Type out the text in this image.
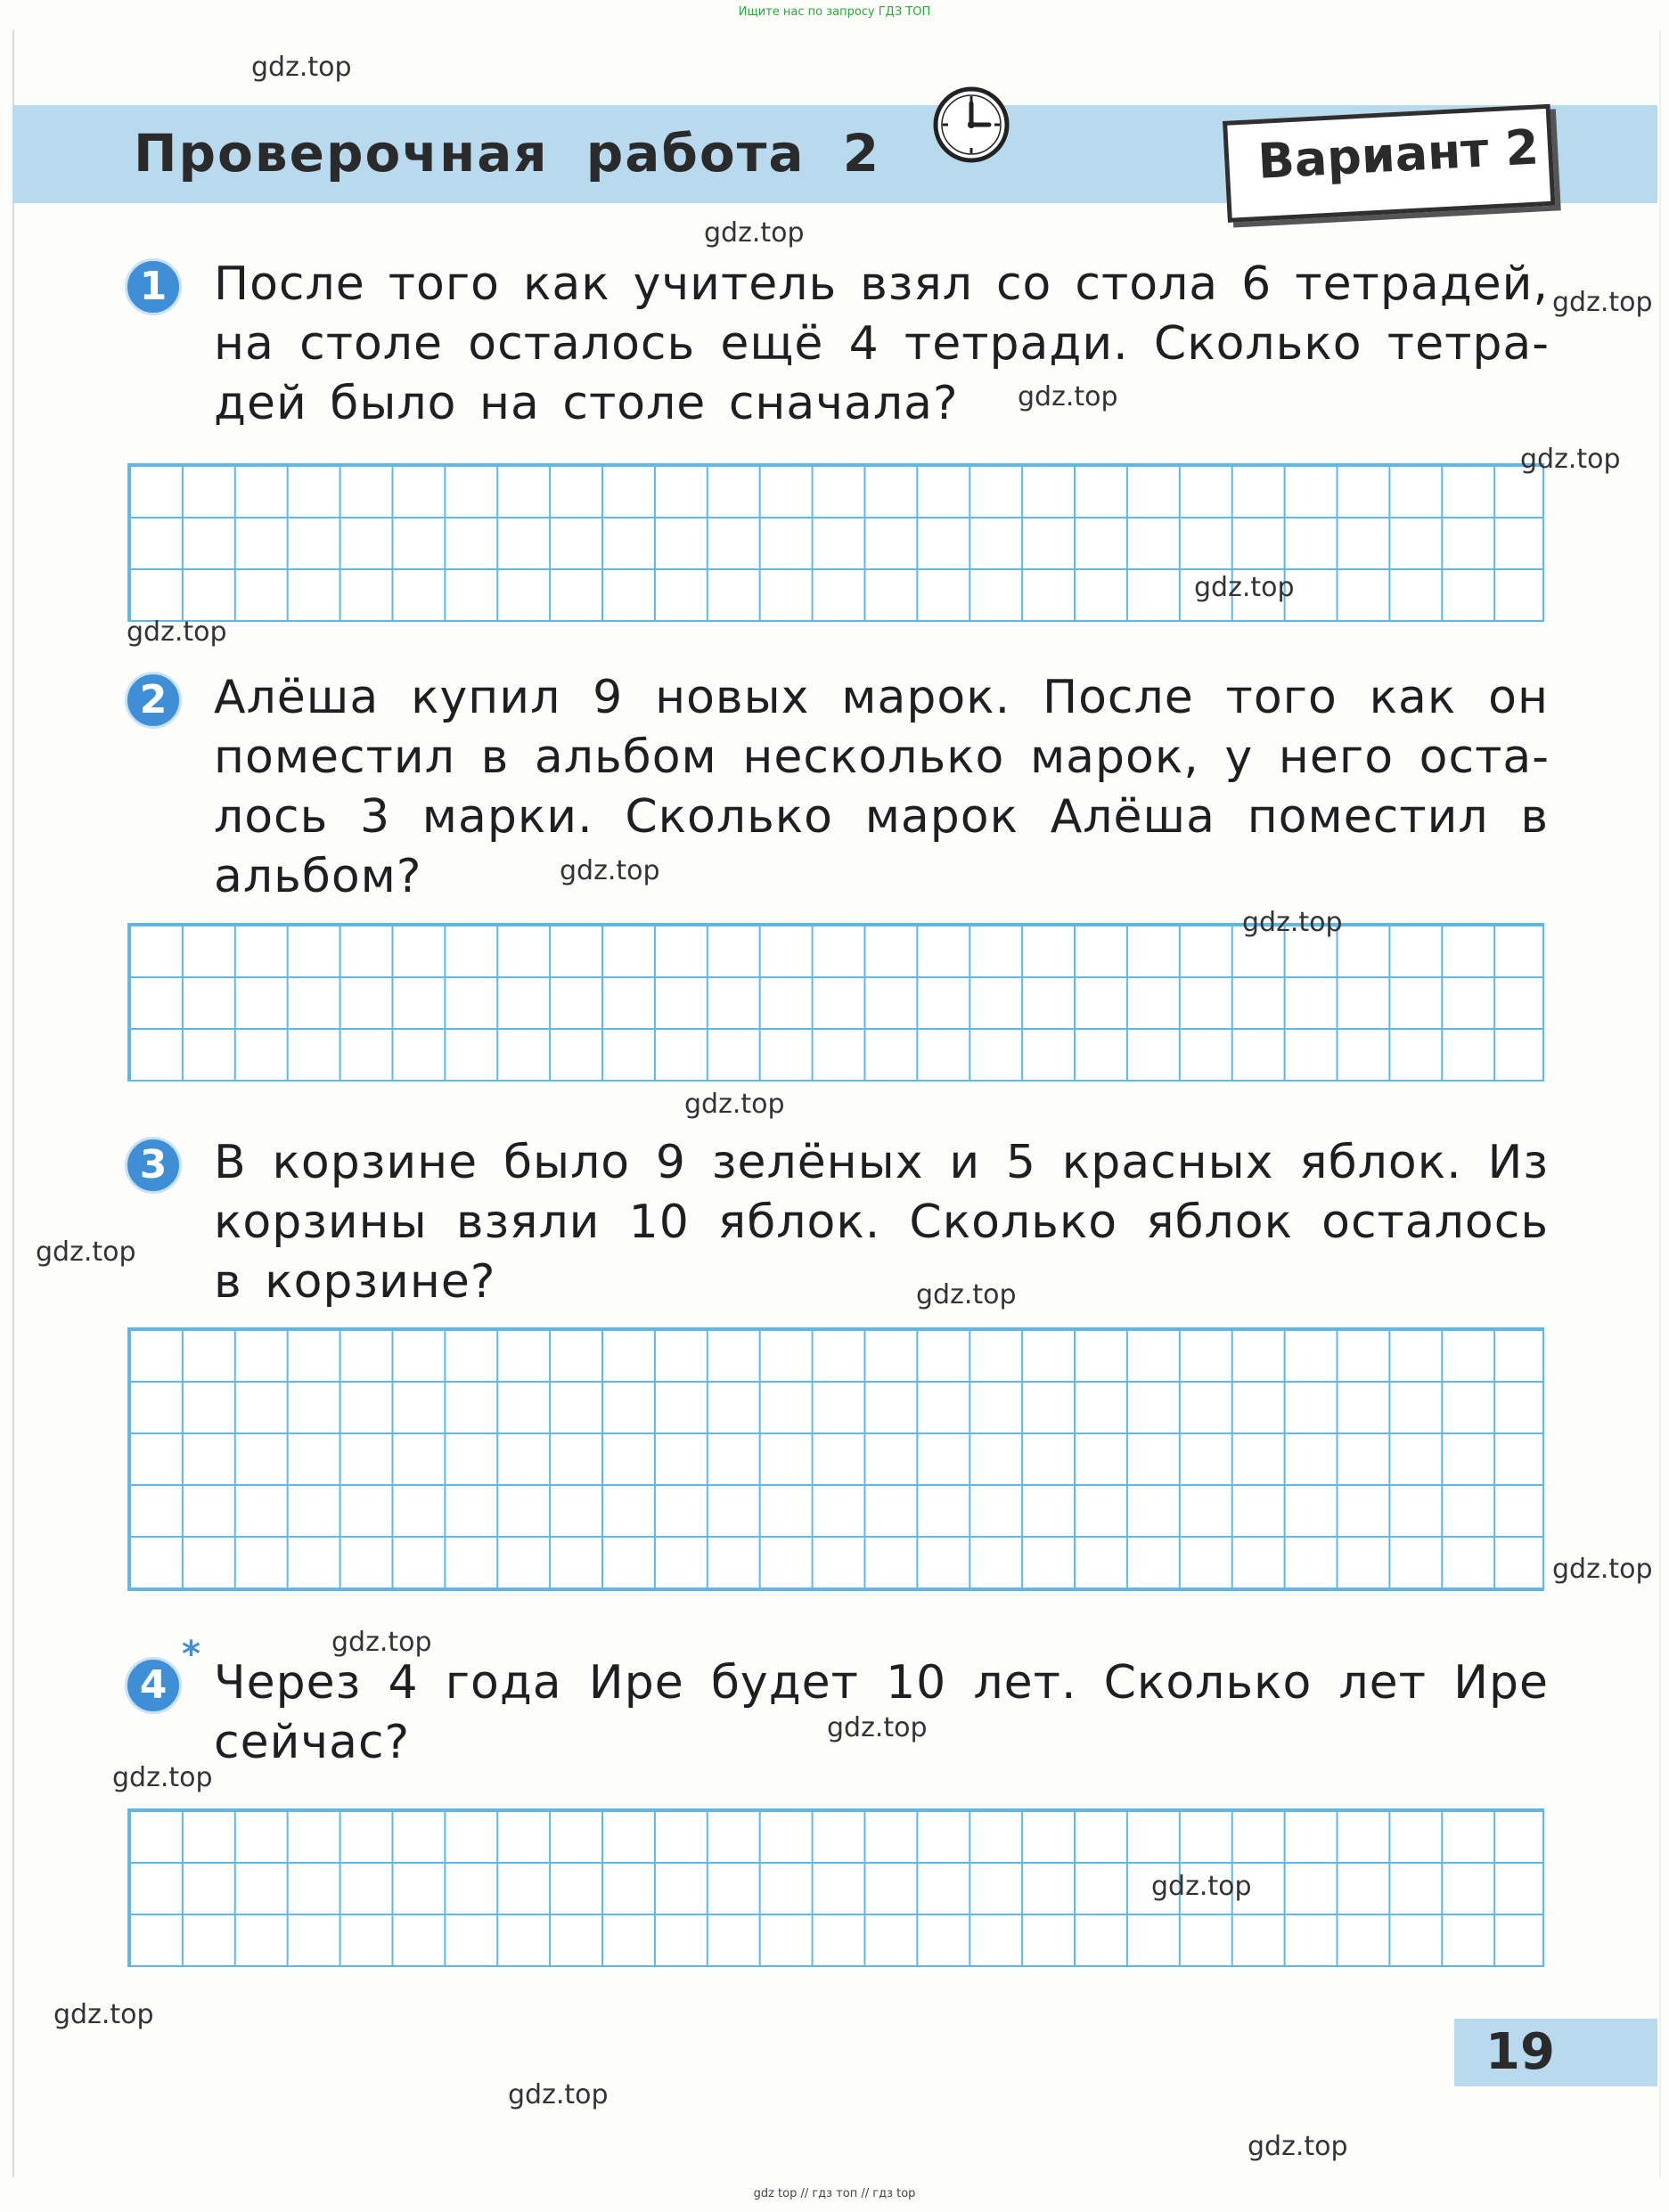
Ищите нас по запросу ГДЗ ТОП
Проверочная работа 2	Вариант 2
1	После того как учитель взял со стола 6 тетрадей, на столе осталось ещё 4 тетради. Сколько тетрадей было на столе сначала?
2	Алёша купил 9 новых марок. После того как он поместил в альбом несколько марок, у него осталось 3 марки. Сколько марок Алёша поместил в альбом?
3	В корзине было 9 зелёных и 5 красных яблок. Из корзины взяли 10 яблок. Сколько яблок осталось в корзине?
4
*
Через 4 года Ире будет 10 лет. Сколько лет Ире сейчас?
gdz.top
gdz.top
gdz.top
gdz.top
gdz.top
gdz.top
gdz.top
gdz.top
gdz.top
gdz.top
gdz.top
gdz.top
gdz.top
gdz.top
gdz.top
gdz.top
gdz.top
gdz.top
gdz.top
gdz.top
19
gdz top // гдз топ // гдз top
